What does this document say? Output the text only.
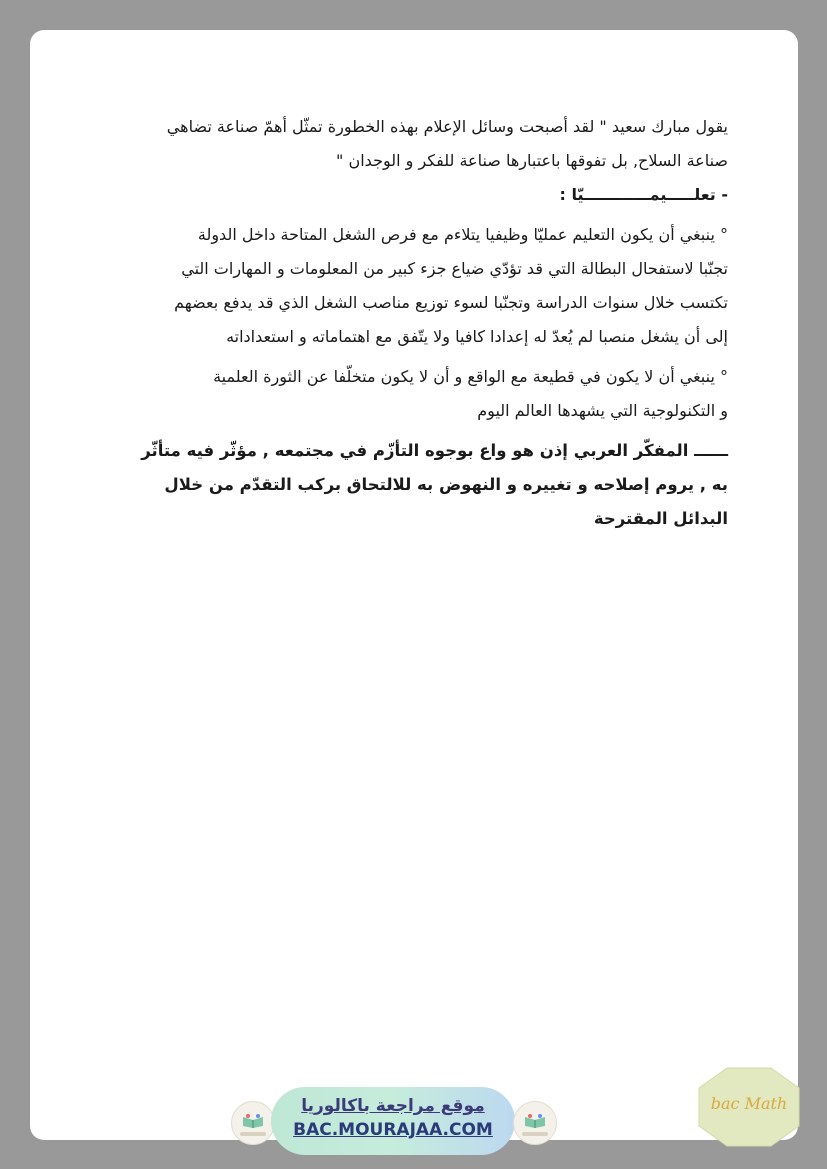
يقول مبارك سعيد " لقد أصبحت وسائل الإعلام بهذه الخطورة تمثّل أهمّ صناعة تضاهي
صناعة السلاح, بل تفوقها باعتبارها صناعة للفكر و الوجدان "
- تعلـــــيمــــــــــــيّا :
° ينبغي أن يكون التعليم عمليّا وظيفيا يتلاءم مع فرص الشغل المتاحة داخل الدولة
تجنّبا لاستفحال البطالة التي قد تؤدّي ضياع جزء كبير من المعلومات و المهارات التي
تكتسب خلال سنوات الدراسة وتجنّبا لسوء توزيع مناصب الشغل الذي قد يدفع بعضهم
إلى أن يشغل منصبا لم يُعدّ له إعدادا كافيا ولا يتّفق مع اهتماماته و استعداداته
° ينبغي أن لا يكون في قطيعة مع الواقع و أن لا يكون متخلّفا عن الثورة العلمية
و التكنولوجية التي يشهدها العالم اليوم
ــــــ المفكّر العربي إذن هو واع بوجوه التأزّم في مجتمعه , مؤثّر فيه متأثّر
به , يروم إصلاحه و تغييره و النهوض به للالتحاق بركب التقدّم من خلال
البدائل المقترحة
موقع مراجعة باكالوريا
BAC.MOURAJAA.COM
bac Math
